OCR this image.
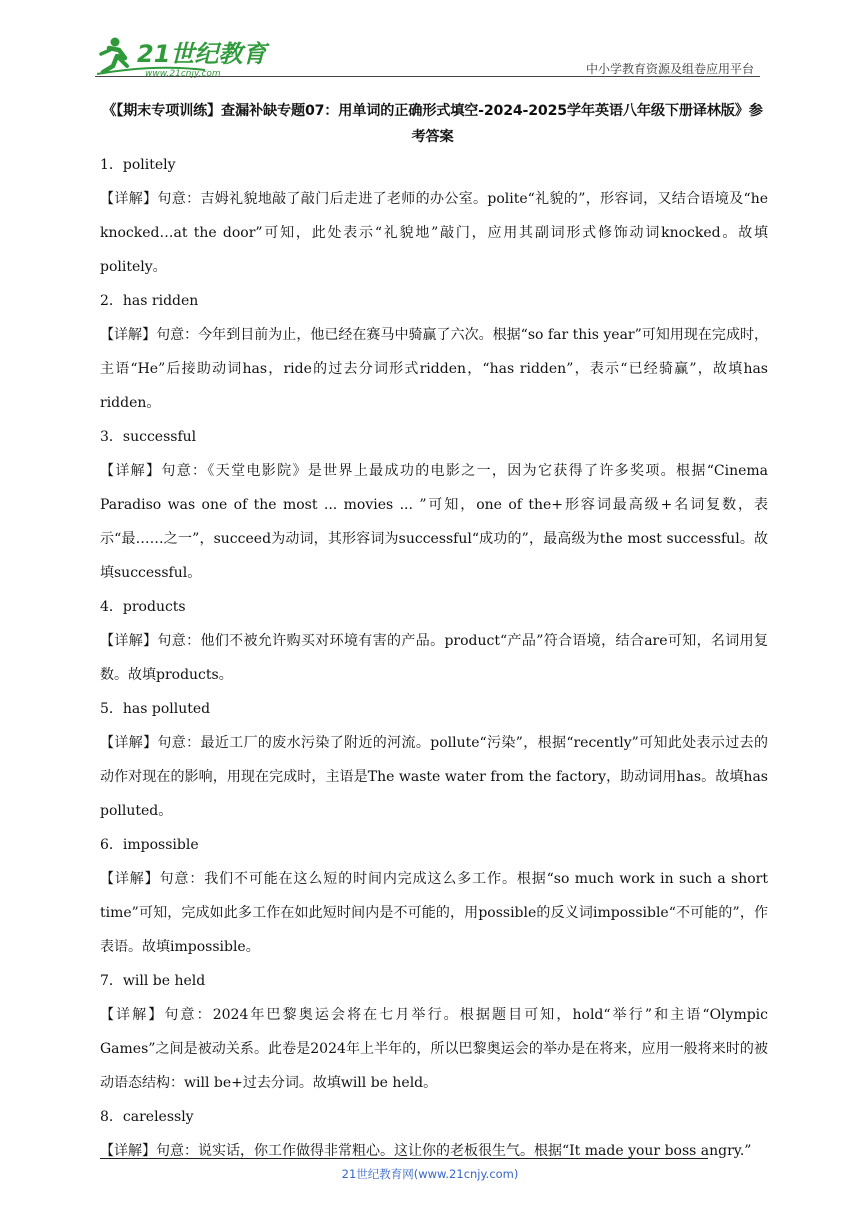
21世纪教育
www.21cnjy.com	中小学教育资源及组卷应用平台
《【期末专项训练】查漏补缺专题07：用单词的正确形式填空-2024-2025学年英语八年级下册译林版》参考答案

1．politely

【详解】句意：吉姆礼貌地敲了敲门后走进了老师的办公室。polite“礼貌的”，形容词，又结合语境及“he knocked…at the door”可知，此处表示“礼貌地”敲门，应用其副词形式修饰动词knocked。故填politely。

2．has ridden

【详解】句意：今年到目前为止，他已经在赛马中骑赢了六次。根据“so far this year”可知用现在完成时，主语“He”后接助动词has，ride的过去分词形式ridden，“has ridden”，表示“已经骑赢”，故填has ridden。

3．successful

【详解】句意：《天堂电影院》是世界上最成功的电影之一，因为它获得了许多奖项。根据“Cinema Paradiso was one of the most ... movies ... ”可知，one of the+形容词最高级+名词复数，表示“最……之一”，succeed为动词，其形容词为successful“成功的”，最高级为the most successful。故填successful。

4．products

【详解】句意：他们不被允许购买对环境有害的产品。product“产品”符合语境，结合are可知，名词用复数。故填products。

5．has polluted

【详解】句意：最近工厂的废水污染了附近的河流。pollute“污染”，根据“recently”可知此处表示过去的动作对现在的影响，用现在完成时，主语是The waste water from the factory，助动词用has。故填has polluted。

6．impossible

【详解】句意：我们不可能在这么短的时间内完成这么多工作。根据“so much work in such a short time”可知，完成如此多工作在如此短时间内是不可能的，用possible的反义词impossible“不可能的”，作表语。故填impossible。

7．will be held

【详解】句意：2024年巴黎奥运会将在七月举行。根据题目可知，hold“举行”和主语“Olympic Games”之间是被动关系。此卷是2024年上半年的，所以巴黎奥运会的举办是在将来，应用一般将来时的被动语态结构：will be+过去分词。故填will be held。

8．carelessly

【详解】句意：说实话，你工作做得非常粗心。这让你的老板很生气。根据“It made your boss angry.”

21世纪教育网(www.21cnjy.com)
